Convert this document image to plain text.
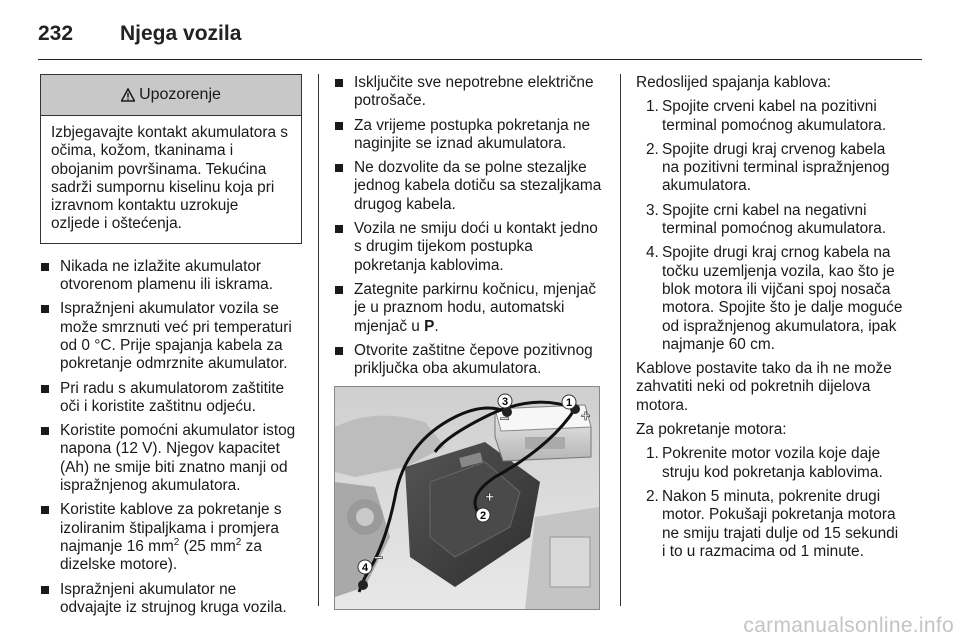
232 Njega vozila
Upozorenje
Izbjegavajte kontakt akumulatora s očima, kožom, tkaninama i obojanim površinama. Tekućina sadrži sumpornu kiselinu koja pri izravnom kontaktu uzrokuje ozljede i oštećenja.
Nikada ne izlažite akumulator otvorenom plamenu ili iskrama.
Ispražnjeni akumulator vozila se može smrznuti već pri temperaturi od 0 °C. Prije spajanja kabela za pokretanje odmrznite akumulator.
Pri radu s akumulatorom zaštitite oči i koristite zaštitnu odjeću.
Koristite pomoćni akumulator istog napona (12 V). Njegov kapacitet (Ah) ne smije biti znatno manji od ispražnjenog akumulatora.
Koristite kablove za pokretanje s izoliranim štipaljkama i promjera najmanje 16 $mm^2$ (25 $mm^2$ za dizelske motore).
Ispražnjeni akumulator ne odvajajte iz strujnog kruga vozila.
Isključite sve nepotrebne električne potrošače.
Za vrijeme postupka pokretanja ne naginjite se iznad akumulatora.
Ne dozvolite da se polne stezaljke jednog kabela dotiču sa stezaljkama drugog kabela.
Vozila ne smiju doći u kontakt jedno s drugim tijekom postupka pokretanja kablovima.
Zategnite parkirnu kočnicu, mjenjač je u praznom hodu, automatski mjenjač u P.
Otvorite zaštitne čepove pozitivnog priključka oba akumulatora.
1
+
3
−
2
+
4
−

Redoslijed spajanja kablova:

1. Spojite crveni kabel na pozitivni terminal pomoćnog akumulatora.
2. Spojite drugi kraj crvenog kabela na pozitivni terminal ispražnjenog akumulatora.
3. Spojite crni kabel na negativni terminal pomoćnog akumulatora.
4. Spojite drugi kraj crnog kabela na točku uzemljenja vozila, kao što je blok motora ili vijčani spoj nosača motora. Spojite što je dalje moguće od ispražnjenog akumulatora, ipak najmanje 60 cm.

Kablove postavite tako da ih ne može zahvatiti neki od pokretnih dijelova motora.

Za pokretanje motora:

1. Pokrenite motor vozila koje daje struju kod pokretanja kablovima.
2. Nakon 5 minuta, pokrenite drugi motor. Pokušaji pokretanja motora ne smiju trajati dulje od 15 sekundi i to u razmacima od 1 minute.
carmanualsonline.info
